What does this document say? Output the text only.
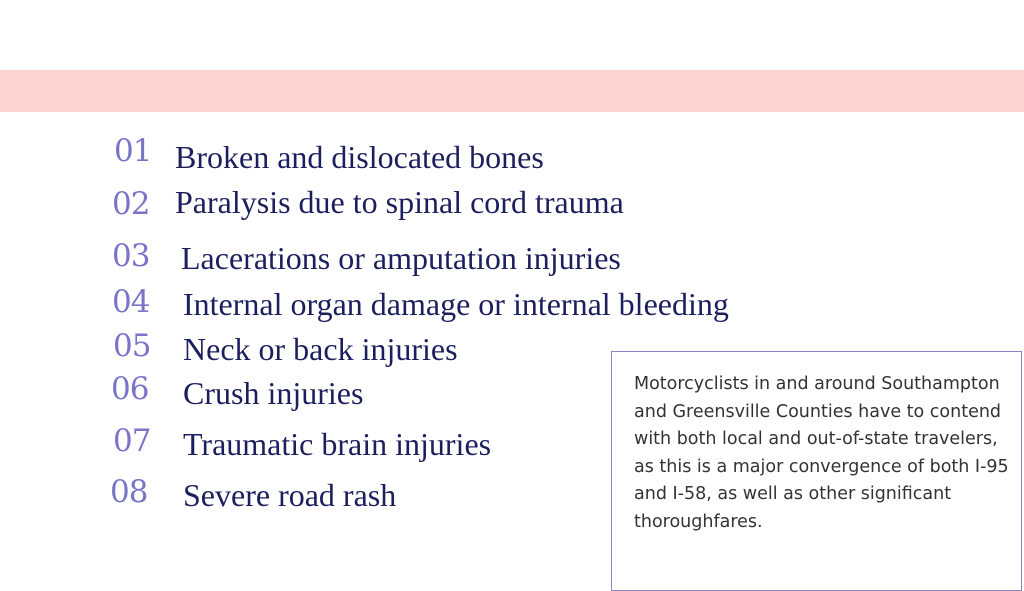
01 Broken and dislocated bones
02 Paralysis due to spinal cord trauma
03 Lacerations or amputation injuries
04 Internal organ damage or internal bleeding
05 Neck or back injuries
06 Crush injuries
07 Traumatic brain injuries
08 Severe road rash
Motorcyclists in and around Southampton and Greensville Counties have to contend with both local and out-of-state travelers, as this is a major convergence of both I-95 and I-58, as well as other significant thoroughfares.
